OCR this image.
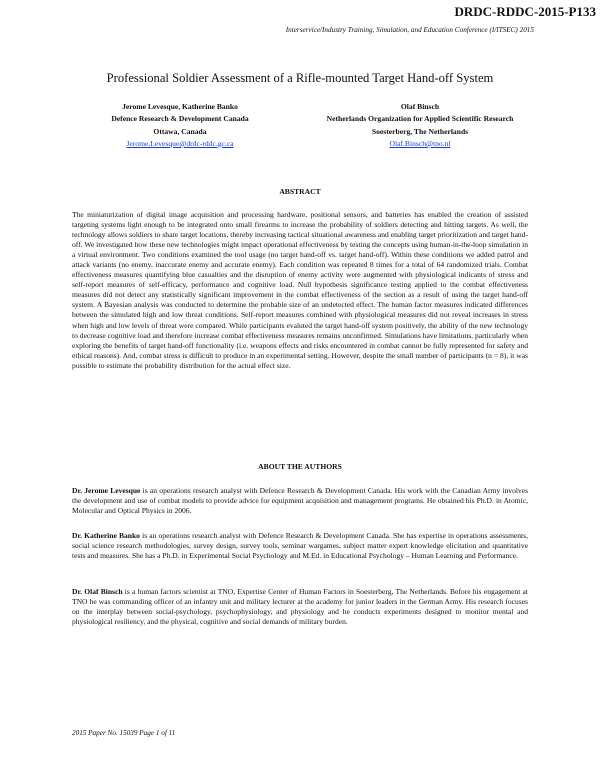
DRDC-RDDC-2015-P133
Interservice/Industry Training, Simulation, and Education Conference (I/ITSEC) 2015
Professional Soldier Assessment of a Rifle-mounted Target Hand-off System
Jerome Levesque, Katherine Banko
Defence Research & Development Canada
Ottawa, Canada
Jerome.Levesque@drdc-rddc.gc.ca
Olaf Binsch
Netherlands Organization for Applied Scientific Research
Soesterberg, The Netherlands
Olaf.Binsch@tno.nl
ABSTRACT
The miniaturization of digital image acquisition and processing hardware, positional sensors, and batteries has enabled the creation of assisted targeting systems light enough to be integrated onto small firearms to increase the probability of soldiers detecting and hitting targets. As well, the technology allows soldiers to share target locations, thereby increasing tactical situational awareness and enabling target prioritization and target hand-off. We investigated how these new technologies might impact operational effectiveness by testing the concepts using human-in-the-loop simulation in a virtual environment. Two conditions examined the tool usage (no target hand-off vs. target hand-off). Within these conditions we added patrol and attack variants (no enemy, inaccurate enemy and accurate enemy). Each condition was repeated 8 times for a total of 64 randomized trials. Combat effectiveness measures quantifying blue casualties and the disruption of enemy activity were augmented with physiological indicants of stress and self-report measures of self-efficacy, performance and cognitive load. Null hypothesis significance testing applied to the combat effectiveness measures did not detect any statistically significant improvement in the combat effectiveness of the section as a result of using the target hand-off system. A Bayesian analysis was conducted to determine the probable size of an undetected effect. The human factor measures indicated differences between the simulated high and low threat conditions. Self-report measures combined with physiological measures did not reveal increases in stress when high and low levels of threat were compared. While participants evaluted the target hand-off system positively, the ability of the new technology to decrease cognitive load and therefore increase combat effectiveness measures remains unconfirmed. Simulations have limitations, particularly when exploring the benefits of target hand-off functionality (i.e. weapons effects and risks encountered in combat cannot be fully represented for safety and ethical reasons). And, combat stress is difficult to produce in an experimental setting. However, despite the small number of participants (n = 8), it was possible to estimate the probability distribution for the actual effect size.
ABOUT THE AUTHORS
Dr. Jerome Levesque is an operations research analyst with Defence Research & Development Canada. His work with the Canadian Army involves the development and use of combat models to provide advice for equipment acquisition and management programs. He obtained his Ph.D. in Atomic, Molecular and Optical Physics in 2006.
Dr. Katherine Banko is an operations research analyst with Defence Research & Development Canada. She has expertise in operations assessments, social science research methodologies, survey design, survey tools, seminar wargames, subject matter expert knowledge elicitation and quantitative tests and measures. She has a Ph.D. in Experimental Social Psychology and M.Ed. in Educational Psychology – Human Learning and Performance.
Dr. Olaf Binsch is a human factors scientist at TNO, Expertise Center of Human Factors in Soesterberg, The Netherlands. Before his engagement at TNO he was commanding officer of an infantry unit and military lecturer at the academy for junior leaders in the German Army. His research focuses on the interplay between social-psychology, psychophysiology, and physiology and he conducts experiments designed to monitor mental and physiological resiliency, and the physical, cognitive and social demands of military burden.
2015 Paper No. 15039 Page 1 of 11
